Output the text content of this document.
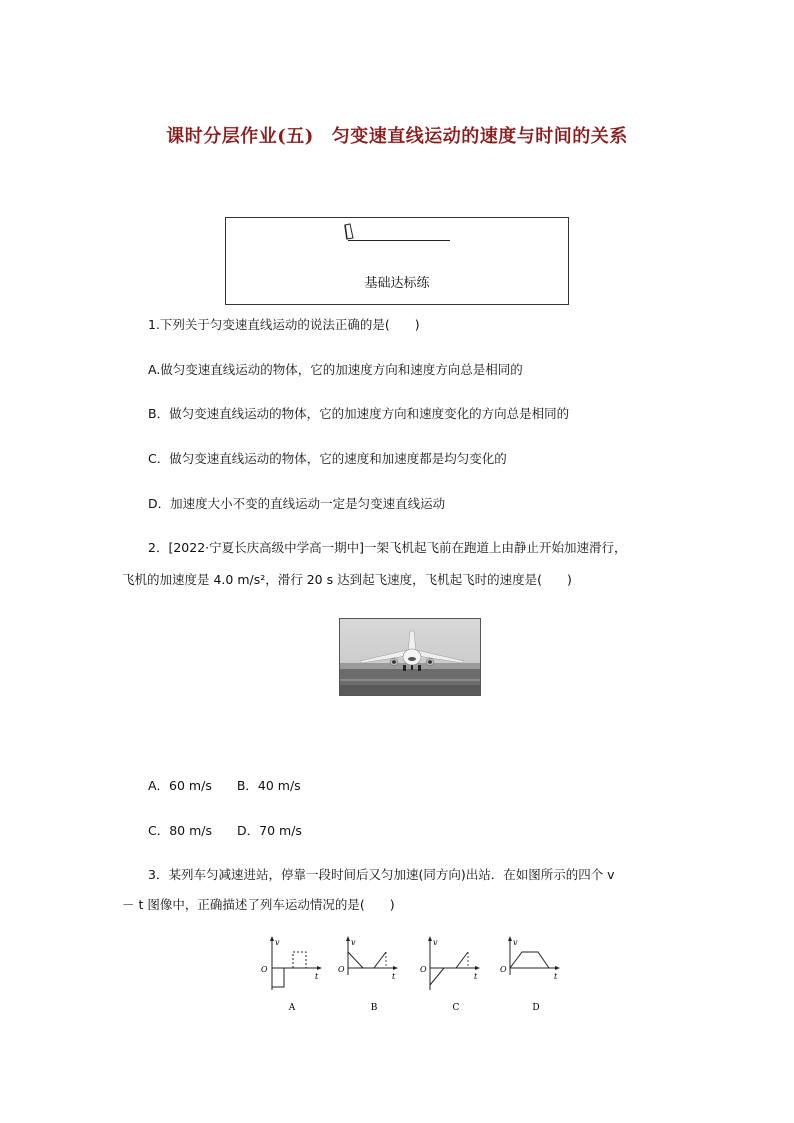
课时分层作业(五) 匀变速直线运动的速度与时间的关系
基础达标练
1.下列关于匀变速直线运动的说法正确的是(　　)
A.做匀变速直线运动的物体，它的加速度方向和速度方向总是相同的
B．做匀变速直线运动的物体，它的加速度方向和速度变化的方向总是相同的
C．做匀变速直线运动的物体，它的速度和加速度都是均匀变化的
D．加速度大小不变的直线运动一定是匀变速直线运动
2．[2022·宁夏长庆高级中学高一期中]一架飞机起飞前在跑道上由静止开始加速滑行，
飞机的加速度是 4.0 m/s²，滑行 20 s 达到起飞速度，飞机起飞时的速度是(　　)
A．60 m/s　　B．40 m/s
C．80 m/s　　D．70 m/s
3．某列车匀减速进站，停靠一段时间后又匀加速(同方向)出站．在如图所示的四个 v
－ t 图像中，正确描述了列车运动情况的是(　　)
v
t
O
A
v
t
O
B
v
t
O
C
v
t
O
D
